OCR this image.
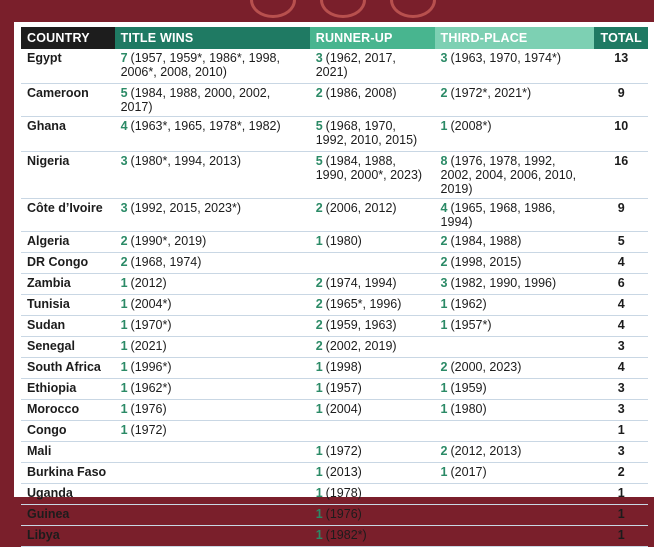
COUNTRY	TITLE WINS	RUNNER-UP	THIRD-PLACE	TOTAL
Egypt	7 (1957, 1959*, 1986*, 1998, 2006*, 2008, 2010)	3 (1962, 2017, 2021)	3 (1963, 1970, 1974*)	13
Cameroon	5 (1984, 1988, 2000, 2002, 2017)	2 (1986, 2008)	2 (1972*, 2021*)	9
Ghana	4 (1963*, 1965, 1978*, 1982)	5 (1968, 1970, 1992, 2010, 2015)	1 (2008*)	10
Nigeria	3 (1980*, 1994, 2013)	5 (1984, 1988, 1990, 2000*, 2023)	8 (1976, 1978, 1992, 2002, 2004, 2006, 2010, 2019)	16
Côte d’Ivoire	3 (1992, 2015, 2023*)	2 (2006, 2012)	4 (1965, 1968, 1986, 1994)	9
Algeria	2 (1990*, 2019)	1 (1980)	2 (1984, 1988)	5
DR Congo	2 (1968, 1974)		2 (1998, 2015)	4
Zambia	1 (2012)	2 (1974, 1994)	3 (1982, 1990, 1996)	6
Tunisia	1 (2004*)	2 (1965*, 1996)	1 (1962)	4
Sudan	1 (1970*)	2 (1959, 1963)	1 (1957*)	4
Senegal	1 (2021)	2 (2002, 2019)		3
South Africa	1 (1996*)	1 (1998)	2 (2000, 2023)	4
Ethiopia	1 (1962*)	1 (1957)	1 (1959)	3
Morocco	1 (1976)	1 (2004)	1 (1980)	3
Congo	1 (1972)			1
Mali		1 (1972)	2 (2012, 2013)	3
Burkina Faso		1 (2013)	1 (2017)	2
Uganda		1 (1978)		1
Guinea		1 (1976)		1
Libya		1 (1982*)		1
